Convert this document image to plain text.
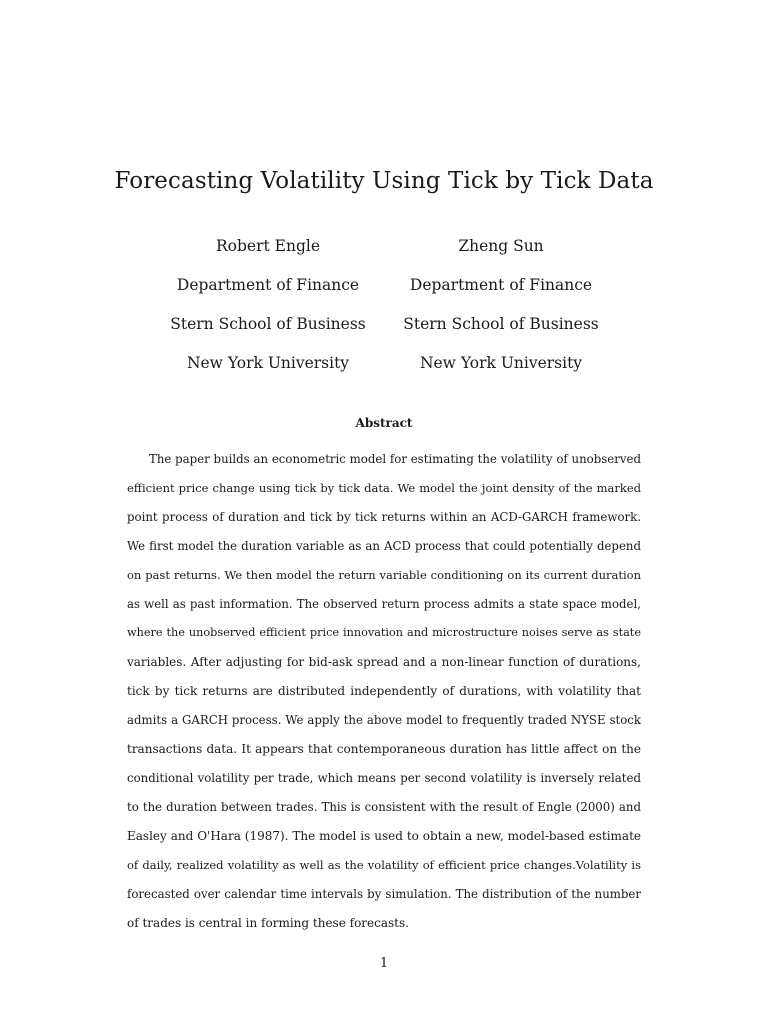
Forecasting Volatility Using Tick by Tick Data
Robert Engle
Department of Finance
Stern School of Business
New York University
Zheng Sun
Department of Finance
Stern School of Business
New York University
Abstract
The paper builds an econometric model for estimating the volatility of unobserved
efficient price change using tick by tick data. We model the joint density of the marked
point process of duration and tick by tick returns within an ACD-GARCH framework.
We first model the duration variable as an ACD process that could potentially depend
on past returns. We then model the return variable conditioning on its current duration
as well as past information. The observed return process admits a state space model,
where the unobserved efficient price innovation and microstructure noises serve as state
variables. After adjusting for bid-ask spread and a non-linear function of durations,
tick by tick returns are distributed independently of durations, with volatility that
admits a GARCH process. We apply the above model to frequently traded NYSE stock
transactions data. It appears that contemporaneous duration has little affect on the
conditional volatility per trade, which means per second volatility is inversely related
to the duration between trades. This is consistent with the result of Engle (2000) and
Easley and O'Hara (1987). The model is used to obtain a new, model-based estimate
of daily, realized volatility as well as the volatility of efficient price changes.Volatility is
forecasted over calendar time intervals by simulation. The distribution of the number
of trades is central in forming these forecasts.
1
